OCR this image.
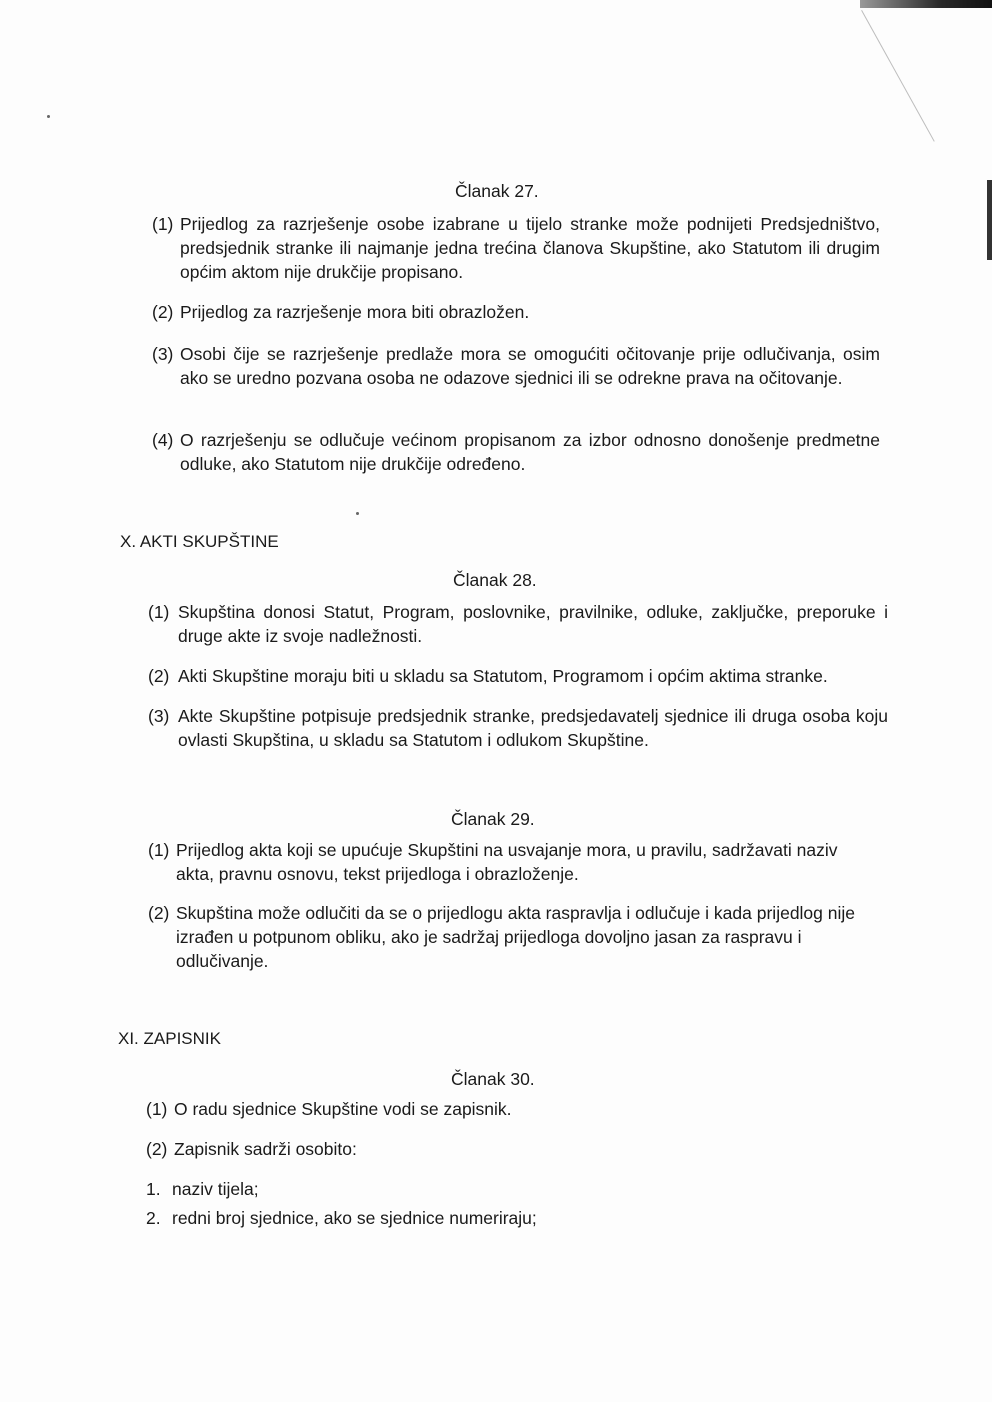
Članak 27.
(1) Prijedlog za razrješenje osobe izabrane u tijelo stranke može podnijeti Predsjedništvo, predsjednik stranke ili najmanje jedna trećina članova Skupštine, ako Statutom ili drugim općim aktom nije drukčije propisano.
(2) Prijedlog za razrješenje mora biti obrazložen.
(3) Osobi čije se razrješenje predlaže mora se omogućiti očitovanje prije odlučivanja, osim ako se uredno pozvana osoba ne odazove sjednici ili se odrekne prava na očitovanje.
(4) O razrješenju se odlučuje većinom propisanom za izbor odnosno donošenje predmetne odluke, ako Statutom nije drukčije određeno.
X. AKTI SKUPŠTINE
Članak 28.
(1) Skupština donosi Statut, Program, poslovnike, pravilnike, odluke, zaključke, preporuke i druge akte iz svoje nadležnosti.
(2) Akti Skupštine moraju biti u skladu sa Statutom, Programom i općim aktima stranke.
(3) Akte Skupštine potpisuje predsjednik stranke, predsjedavatelj sjednice ili druga osoba koju ovlasti Skupština, u skladu sa Statutom i odlukom Skupštine.
Članak 29.
(1) Prijedlog akta koji se upućuje Skupštini na usvajanje mora, u pravilu, sadržavati naziv akta, pravnu osnovu, tekst prijedloga i obrazloženje.
(2) Skupština može odlučiti da se o prijedlogu akta raspravlja i odlučuje i kada prijedlog nije izrađen u potpunom obliku, ako je sadržaj prijedloga dovoljno jasan za raspravu i odlučivanje.
XI. ZAPISNIK
Članak 30.
(1) O radu sjednice Skupštine vodi se zapisnik.
(2) Zapisnik sadrži osobito:
1. naziv tijela;
2. redni broj sjednice, ako se sjednice numeriraju;
